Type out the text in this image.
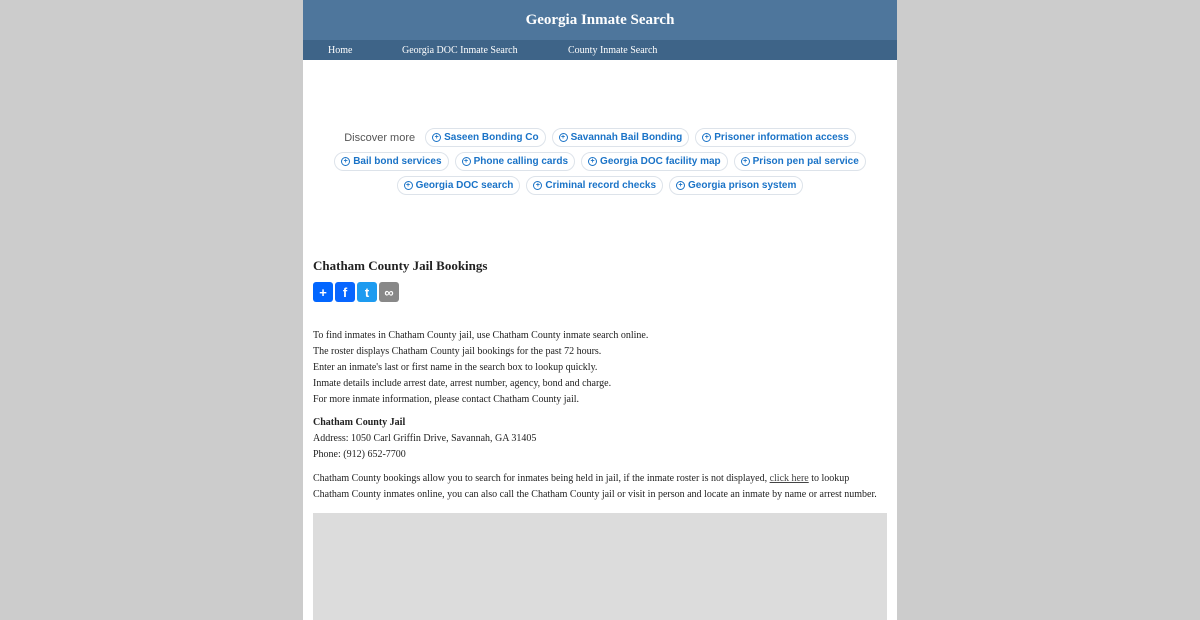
Georgia Inmate Search
Home	Georgia DOC Inmate Search	County Inmate Search
Discover more	+ Saseen Bonding Co	+ Savannah Bail Bonding	+ Prisoner information access
+ Bail bond services	+ Phone calling cards	+ Georgia DOC facility map	+ Prison pen pal service
+ Georgia DOC search	+ Criminal record checks	+ Georgia prison system
Chatham County Jail Bookings
+ f t ∞
To find inmates in Chatham County jail, use Chatham County inmate search online.
The roster displays Chatham County jail bookings for the past 72 hours.
Enter an inmate's last or first name in the search box to lookup quickly.
Inmate details include arrest date, arrest number, agency, bond and charge.
For more inmate information, please contact Chatham County jail.
Chatham County Jail
Address: 1050 Carl Griffin Drive, Savannah, GA 31405
Phone: (912) 652-7700
Chatham County bookings allow you to search for inmates being held in jail, if the inmate roster is not displayed, click here to lookup Chatham County inmates online, you can also call the Chatham County jail or visit in person and locate an inmate by name or arrest number.
